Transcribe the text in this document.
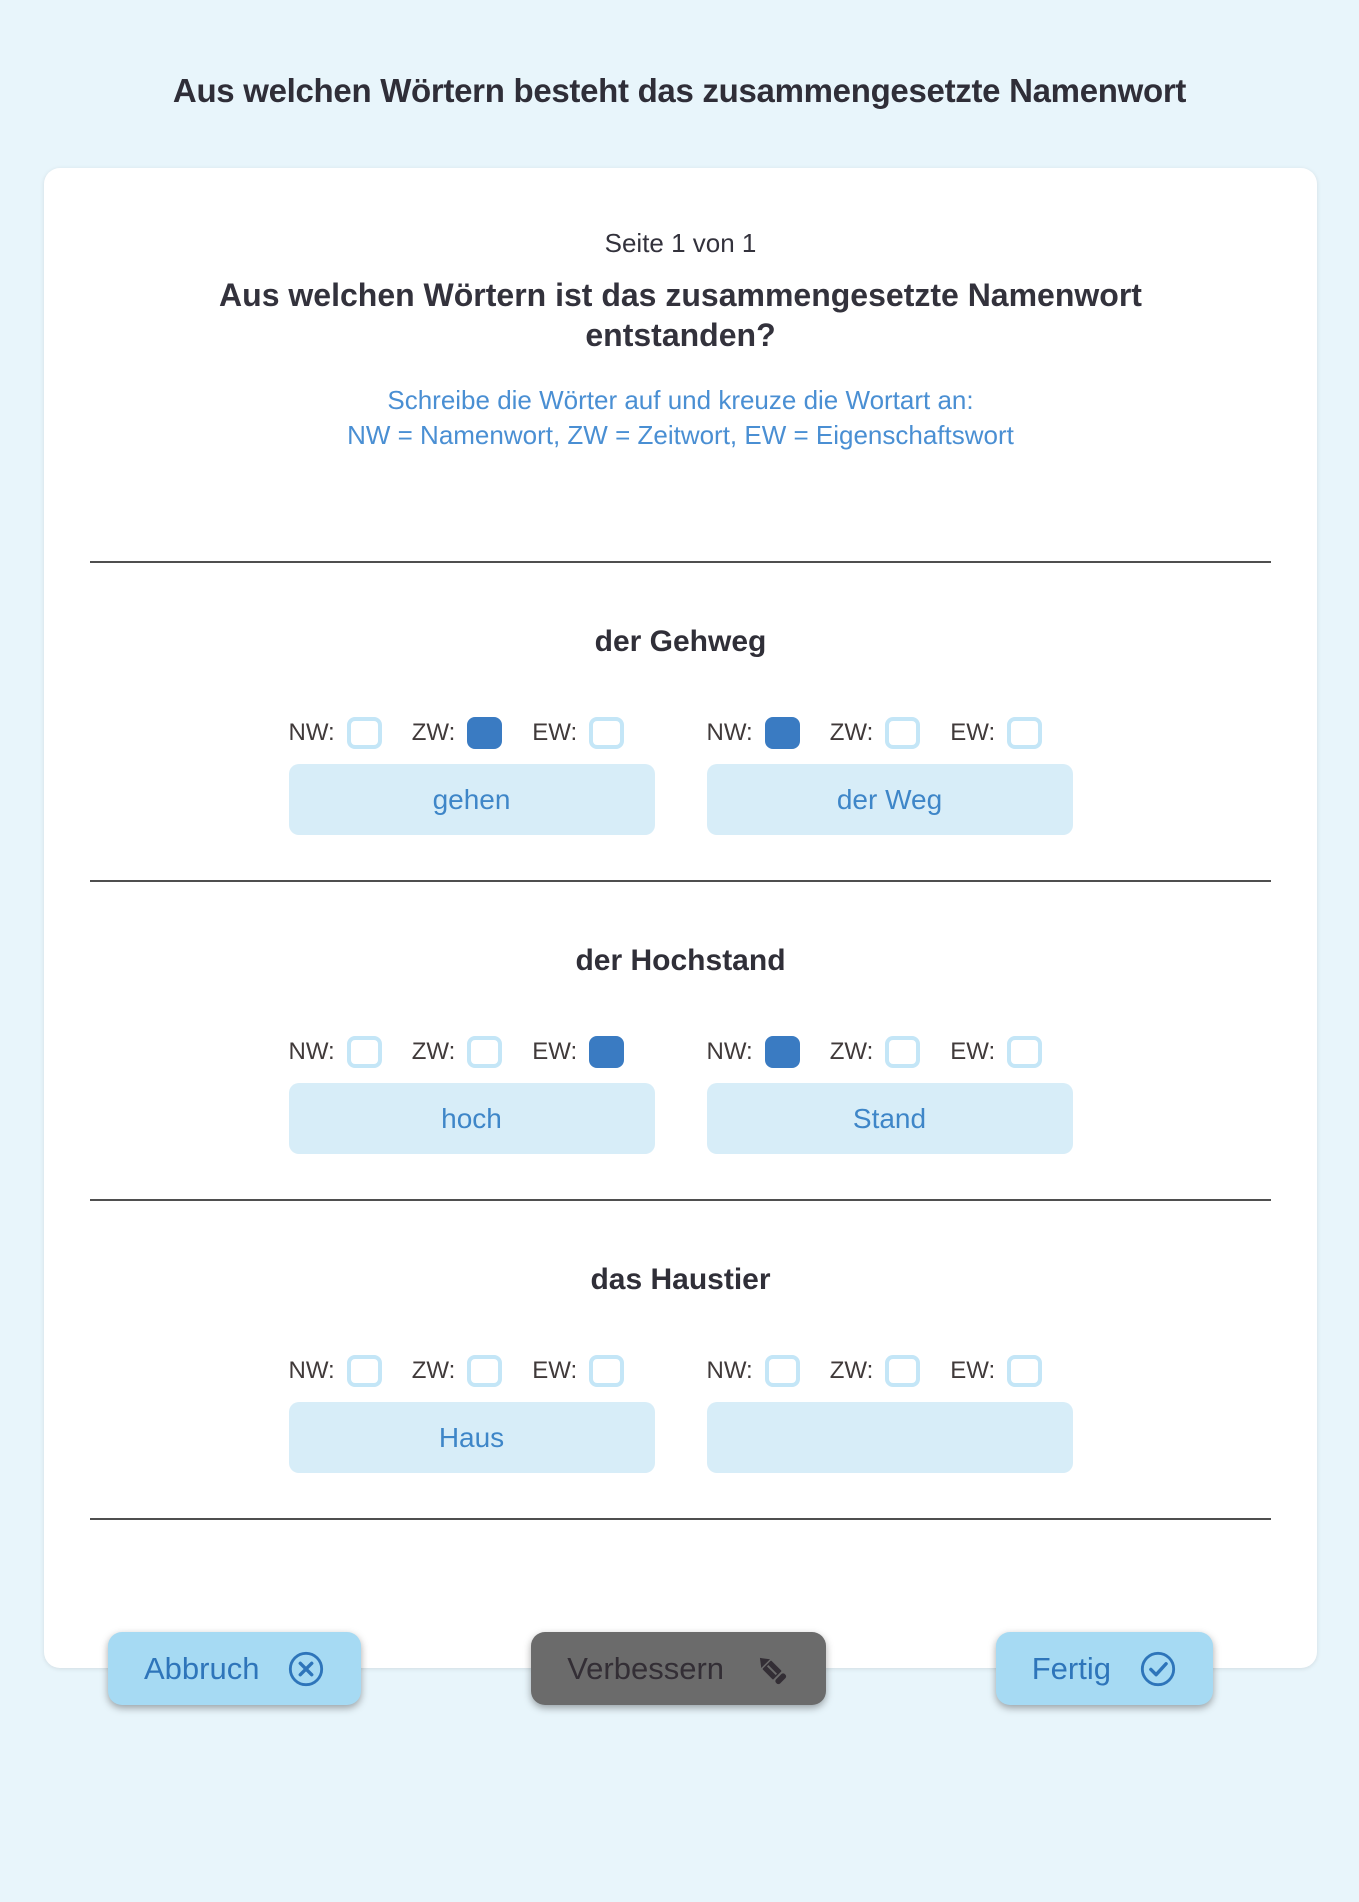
Aus welchen Wörtern besteht das zusammengesetzte Namenwort
Seite 1 von 1
Aus welchen Wörtern ist das zusammengesetzte Namenwort entstanden?
Schreibe die Wörter auf und kreuze die Wortart an:
NW = Namenwort, ZW = Zeitwort, EW = Eigenschaftswort
der Gehweg
NW:	ZW:	EW:	NW:	ZW:	EW:
gehen
der Weg
der Hochstand
NW:	ZW:	EW:	NW:	ZW:	EW:
hoch
Stand
das Haustier
NW:	ZW:	EW:	NW:	ZW:	EW:
Haus
Abbruch	Verbessern	Fertig
